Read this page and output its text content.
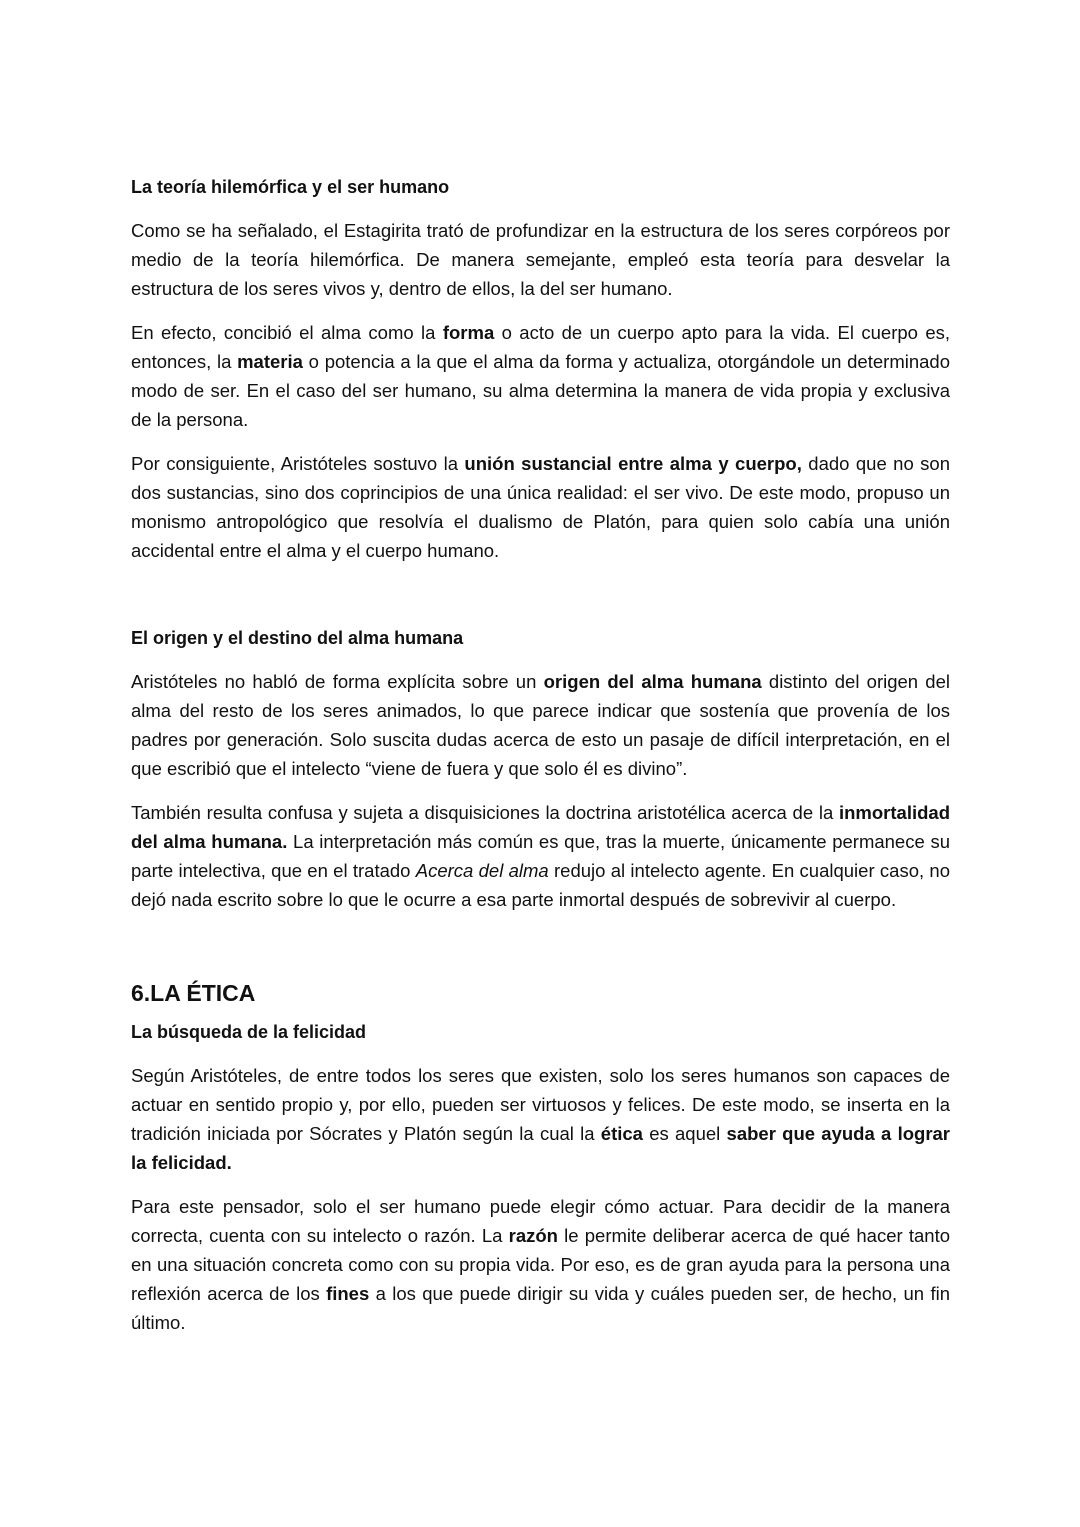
La teoría hilemórfica y el ser humano

Como se ha señalado, el Estagirita trató de profundizar en la estructura de los seres corpóreos por medio de la teoría hilemórfica. De manera semejante, empleó esta teoría para desvelar la estructura de los seres vivos y, dentro de ellos, la del ser humano.

En efecto, concibió el alma como la forma o acto de un cuerpo apto para la vida. El cuerpo es, entonces, la materia o potencia a la que el alma da forma y actualiza, otorgándole un determinado modo de ser. En el caso del ser humano, su alma determina la manera de vida propia y exclusiva de la persona.

Por consiguiente, Aristóteles sostuvo la unión sustancial entre alma y cuerpo, dado que no son dos sustancias, sino dos coprincipios de una única realidad: el ser vivo. De este modo, propuso un monismo antropológico que resolvía el dualismo de Platón, para quien solo cabía una unión accidental entre el alma y el cuerpo humano.

El origen y el destino del alma humana

Aristóteles no habló de forma explícita sobre un origen del alma humana distinto del origen del alma del resto de los seres animados, lo que parece indicar que sostenía que provenía de los padres por generación. Solo suscita dudas acerca de esto un pasaje de difícil interpretación, en el que escribió que el intelecto “viene de fuera y que solo él es divino”.

También resulta confusa y sujeta a disquisiciones la doctrina aristotélica acerca de la inmortalidad del alma humana. La interpretación más común es que, tras la muerte, únicamente permanece su parte intelectiva, que en el tratado Acerca del alma redujo al intelecto agente. En cualquier caso, no dejó nada escrito sobre lo que le ocurre a esa parte inmortal después de sobrevivir al cuerpo.

6.LA ÉTICA
La búsqueda de la felicidad

Según Aristóteles, de entre todos los seres que existen, solo los seres humanos son capaces de actuar en sentido propio y, por ello, pueden ser virtuosos y felices. De este modo, se inserta en la tradición iniciada por Sócrates y Platón según la cual la ética es aquel saber que ayuda a lograr la felicidad.

Para este pensador, solo el ser humano puede elegir cómo actuar. Para decidir de la manera correcta, cuenta con su intelecto o razón. La razón le permite deliberar acerca de qué hacer tanto en una situación concreta como con su propia vida. Por eso, es de gran ayuda para la persona una reflexión acerca de los fines a los que puede dirigir su vida y cuáles pueden ser, de hecho, un fin último.
